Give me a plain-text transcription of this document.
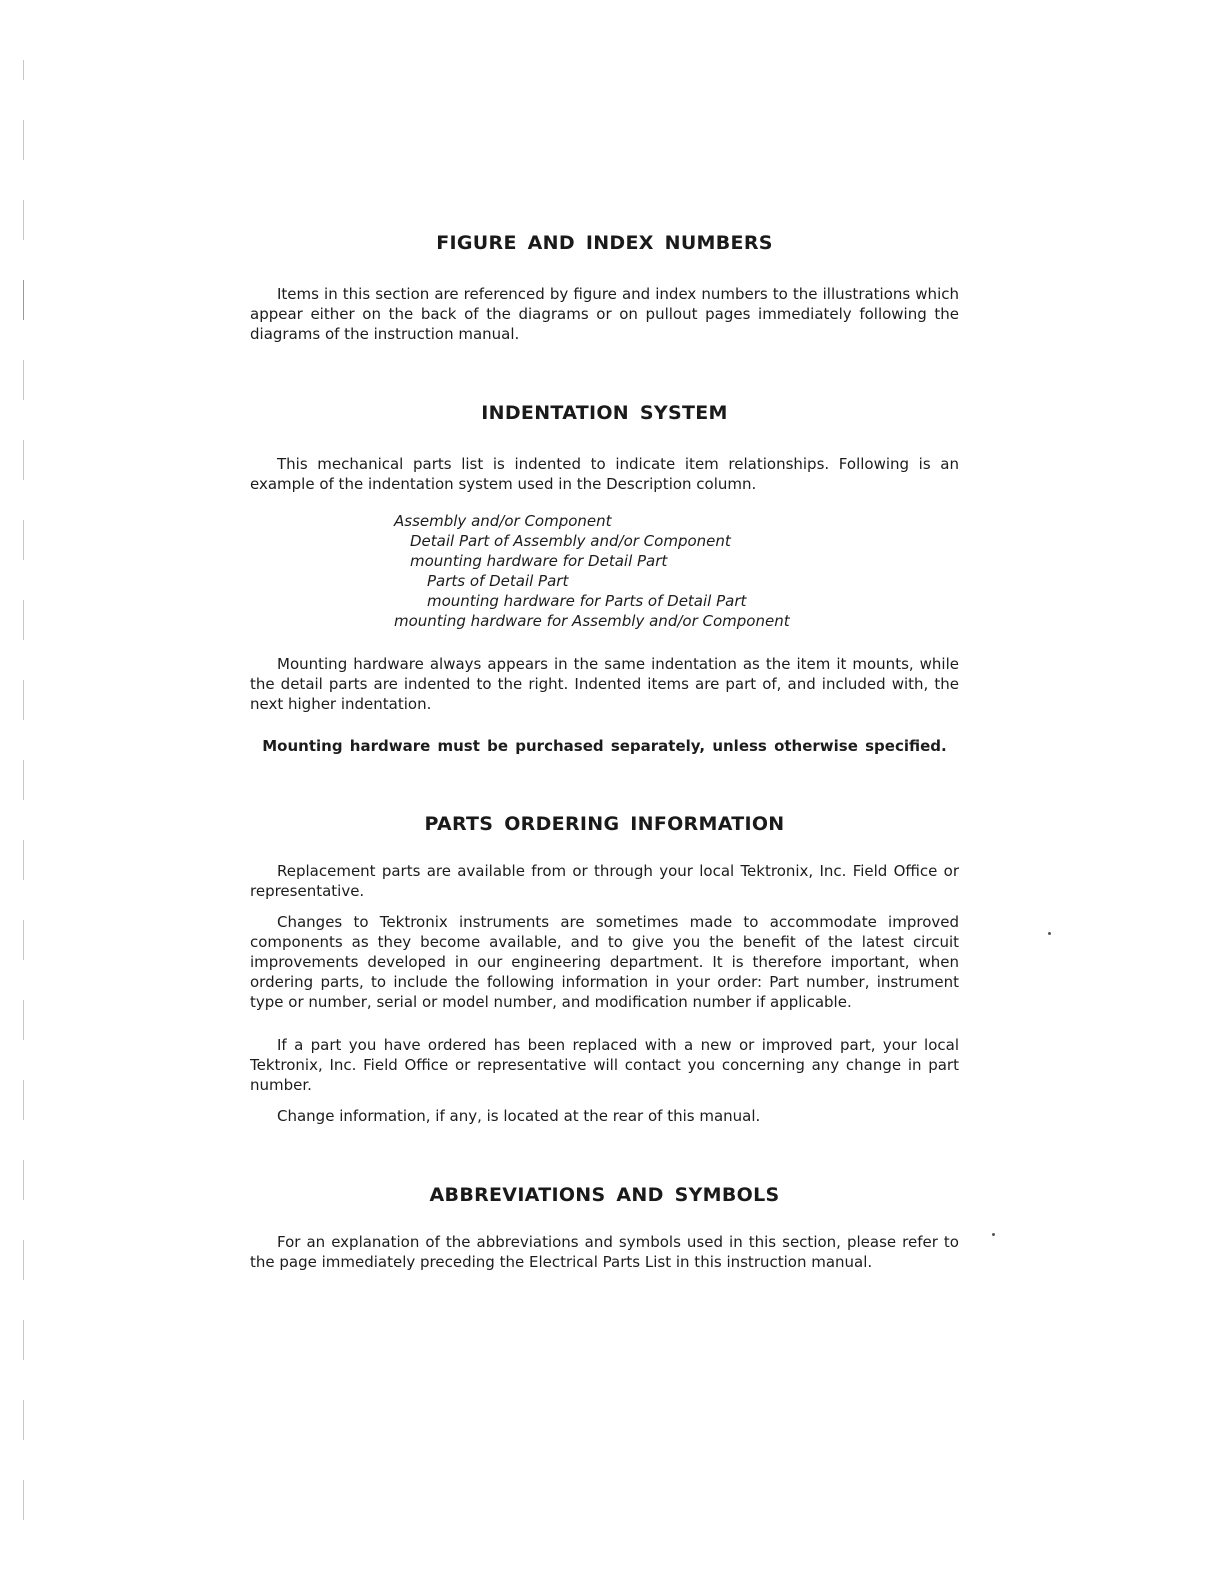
FIGURE AND INDEX NUMBERS

Items in this section are referenced by figure and index numbers to the illustrations which appear either on the back of the diagrams or on pullout pages immediately following the diagrams of the instruction manual.

INDENTATION SYSTEM

This mechanical parts list is indented to indicate item relationships. Following is an example of the indentation system used in the Description column.

Assembly and/or Component
Detail Part of Assembly and/or Component
mounting hardware for Detail Part
Parts of Detail Part
mounting hardware for Parts of Detail Part
mounting hardware for Assembly and/or Component

Mounting hardware always appears in the same indentation as the item it mounts, while the detail parts are indented to the right. Indented items are part of, and included with, the next higher indentation.

Mounting hardware must be purchased separately, unless otherwise specified.
PARTS ORDERING INFORMATION

Replacement parts are available from or through your local Tektronix, Inc. Field Office or representative.

Changes to Tektronix instruments are sometimes made to accommodate improved components as they become available, and to give you the benefit of the latest circuit improvements developed in our engineering department. It is therefore important, when ordering parts, to include the following information in your order: Part number, instrument type or number, serial or model number, and modification number if applicable.

If a part you have ordered has been replaced with a new or improved part, your local Tektronix, Inc. Field Office or representative will contact you concerning any change in part number.

Change information, if any, is located at the rear of this manual.

ABBREVIATIONS AND SYMBOLS

For an explanation of the abbreviations and symbols used in this section, please refer to the page immediately preceding the Electrical Parts List in this instruction manual.
